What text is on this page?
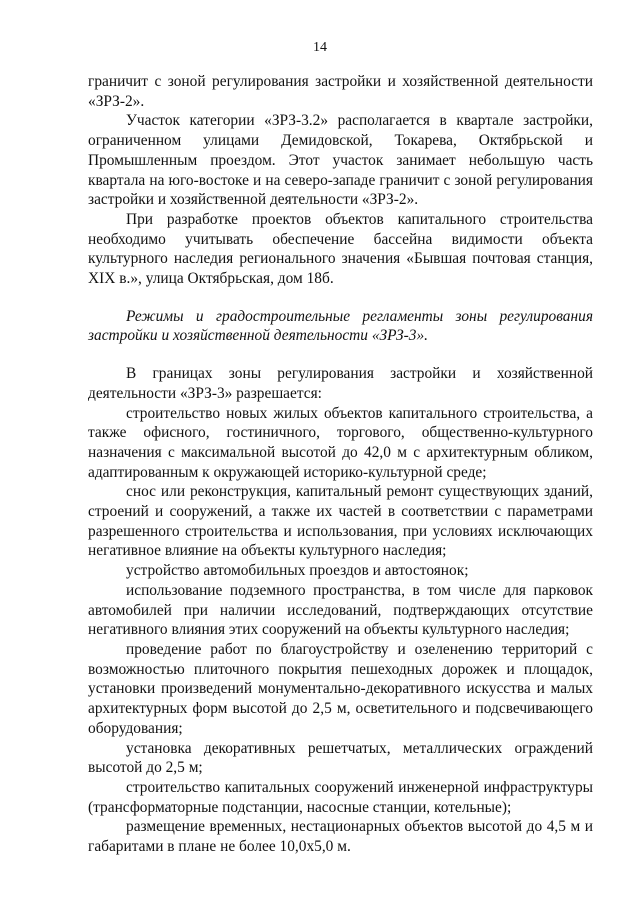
14

граничит с зоной регулирования застройки и хозяйственной деятельности «ЗРЗ-2».

Участок категории «ЗРЗ-3.2» располагается в квартале застройки, ограниченном улицами Демидовской, Токарева, Октябрьской и Промышленным проездом. Этот участок занимает небольшую часть квартала на юго-востоке и на северо-западе граничит с зоной регулирования застройки и хозяйственной деятельности «ЗРЗ-2».

При разработке проектов объектов капитального строительства необходимо учитывать обеспечение бассейна видимости объекта культурного наследия регионального значения «Бывшая почтовая станция, XIX в.», улица Октябрьская, дом 18б.

Режимы и градостроительные регламенты зоны регулирования застройки и хозяйственной деятельности «ЗРЗ-3».

В границах зоны регулирования застройки и хозяйственной деятельности «ЗРЗ-3» разрешается:

строительство новых жилых объектов капитального строительства, а также офисного, гостиничного, торгового, общественно-культурного назначения с максимальной высотой до 42,0 м с архитектурным обликом, адаптированным к окружающей историко-культурной среде;

снос или реконструкция, капитальный ремонт существующих зданий, строений и сооружений, а также их частей в соответствии с параметрами разрешенного строительства и использования, при условиях исключающих негативное влияние на объекты культурного наследия;

устройство автомобильных проездов и автостоянок;

использование подземного пространства, в том числе для парковок автомобилей при наличии исследований, подтверждающих отсутствие негативного влияния этих сооружений на объекты культурного наследия;

проведение работ по благоустройству и озеленению территорий с возможностью плиточного покрытия пешеходных дорожек и площадок, установки произведений монументально-декоративного искусства и малых архитектурных форм высотой до 2,5 м, осветительного и подсвечивающего оборудования;

установка декоративных решетчатых, металлических ограждений высотой до 2,5 м;

строительство капитальных сооружений инженерной инфраструктуры (трансформаторные подстанции, насосные станции, котельные);

размещение временных, нестационарных объектов высотой до 4,5 м и габаритами в плане не более 10,0х5,0 м.
